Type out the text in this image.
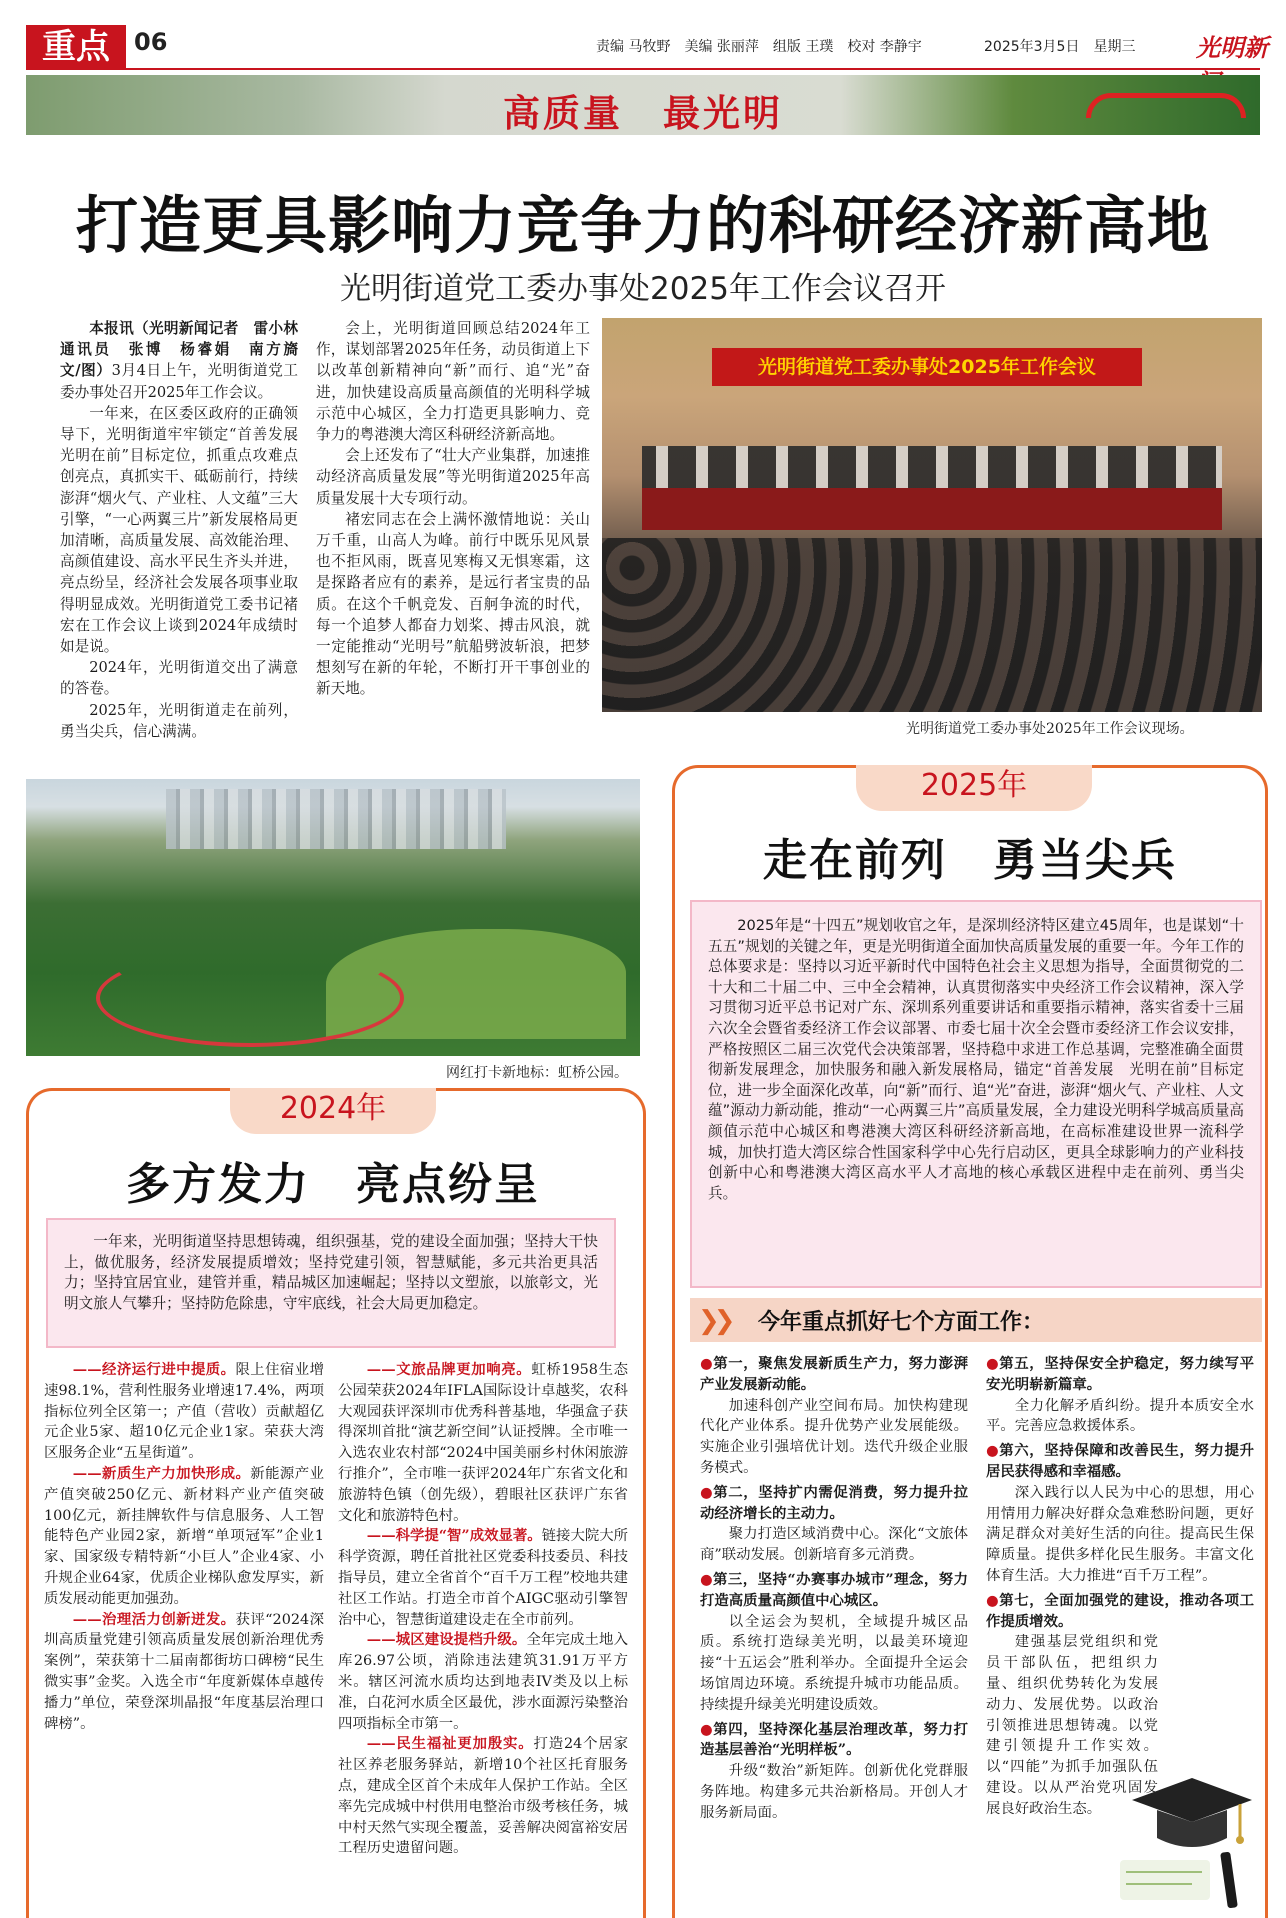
重点	06	责编 马牧野　美编 张丽萍　组版 王璞　校对 李静宇	2025年3月5日　星期三	光明新
高质量　最光明
打造更具影响力竞争力的科研经济新高地
光明街道党工委办事处2025年工作会议召开

本报讯（光明新闻记者　雷小林　通讯员　张博　杨睿娟　南方旖　文/图）3月4日上午，光明街道党工委办事处召开2025年工作会议。

一年来，在区委区政府的正确领导下，光明街道牢牢锁定“首善发展　光明在前”目标定位，抓重点攻难点创亮点，真抓实干、砥砺前行，持续澎湃“烟火气、产业柱、人文蕴”三大引擎，“一心两翼三片”新发展格局更加清晰，高质量发展、高效能治理、高颜值建设、高水平民生齐头并进，亮点纷呈，经济社会发展各项事业取得明显成效。光明街道党工委书记褚宏在工作会议上谈到2024年成绩时如是说。

2024年，光明街道交出了满意的答卷。

2025年，光明街道走在前列，勇当尖兵，信心满满。

会上，光明街道回顾总结2024年工作，谋划部署2025年任务，动员街道上下以改革创新精神向“新”而行、追“光”奋进，加快建设高质量高颜值的光明科学城示范中心城区，全力打造更具影响力、竞争力的粤港澳大湾区科研经济新高地。

会上还发布了“壮大产业集群，加速推动经济高质量发展”等光明街道2025年高质量发展十大专项行动。

褚宏同志在会上满怀激情地说：关山万千重，山高人为峰。前行中既乐见风景也不拒风雨，既喜见寒梅又无惧寒霜，这是探路者应有的素养，是远行者宝贵的品质。在这个千帆竞发、百舸争流的时代，每一个追梦人都奋力划桨、搏击风浪，就一定能推动“光明号”航船劈波斩浪，把梦想刻写在新的年轮，不断打开干事创业的新天地。

光明街道党工委办事处2025年工作会议
光明街道党工委办事处2025年工作会议现场。
网红打卡新地标：虹桥公园。
2025年
走在前列　勇当尖兵

2025年是“十四五”规划收官之年，是深圳经济特区建立45周年，也是谋划“十五五”规划的关键之年，更是光明街道全面加快高质量发展的重要一年。今年工作的总体要求是：坚持以习近平新时代中国特色社会主义思想为指导，全面贯彻党的二十大和二十届二中、三中全会精神，认真贯彻落实中央经济工作会议精神，深入学习贯彻习近平总书记对广东、深圳系列重要讲话和重要指示精神，落实省委十三届六次全会暨省委经济工作会议部署、市委七届十次全会暨市委经济工作会议安排，严格按照区二届三次党代会决策部署，坚持稳中求进工作总基调，完整准确全面贯彻新发展理念，加快服务和融入新发展格局，锚定“首善发展　光明在前”目标定位，进一步全面深化改革，向“新”而行、追“光”奋进，澎湃“烟火气、产业柱、人文蕴”源动力新动能，推动“一心两翼三片”高质量发展，全力建设光明科学城高质量高颜值示范中心城区和粤港澳大湾区科研经济新高地，在高标准建设世界一流科学城，加快打造大湾区综合性国家科学中心先行启动区，更具全球影响力的产业科技创新中心和粤港澳大湾区高水平人才高地的核心承载区进程中走在前列、勇当尖兵。

❯❯ 今年重点抓好七个方面工作：

●第一，聚焦发展新质生产力，努力澎湃产业发展新动能。

加速科创产业空间布局。加快构建现代化产业体系。提升优势产业发展能级。实施企业引强培优计划。迭代升级企业服务模式。

●第二，坚持扩内需促消费，努力提升拉动经济增长的主动力。

聚力打造区域消费中心。深化“文旅体商”联动发展。创新培育多元消费。

●第三，坚持“办赛事办城市”理念，努力打造高质量高颜值中心城区。

以全运会为契机，全域提升城区品质。系统打造绿美光明，以最美环境迎接“十五运会”胜利举办。全面提升全运会场馆周边环境。系统提升城市功能品质。持续提升绿美光明建设质效。

●第四，坚持深化基层治理改革，努力打造基层善治“光明样板”。

升级“数治”新矩阵。创新优化党群服务阵地。构建多元共治新格局。开创人才服务新局面。

●第五，坚持保安全护稳定，努力续写平安光明崭新篇章。

全力化解矛盾纠纷。提升本质安全水平。完善应急救援体系。

●第六，坚持保障和改善民生，努力提升居民获得感和幸福感。

深入践行以人民为中心的思想，用心用情用力解决好群众急难愁盼问题，更好满足群众对美好生活的向往。提高民生保障质量。提供多样化民生服务。丰富文化体育生活。大力推进“百千万工程”。

●第七，全面加强党的建设，推动各项工作提质增效。

建强基层党组织和党员干部队伍，把组织力量、组织优势转化为发展动力、发展优势。以政治引领推进思想铸魂。以党建引领提升工作实效。以“四能”为抓手加强队伍建设。以从严治党巩固发展良好政治生态。

2024年
多方发力　亮点纷呈

一年来，光明街道坚持思想铸魂，组织强基，党的建设全面加强；坚持大干快上，做优服务，经济发展提质增效；坚持党建引领，智慧赋能，多元共治更具活力；坚持宜居宜业，建管并重，精品城区加速崛起；坚持以文塑旅，以旅彰文，光明文旅人气攀升；坚持防危除患，守牢底线，社会大局更加稳定。

——经济运行进中提质。限上住宿业增速98.1%，营利性服务业增速17.4%，两项指标位列全区第一；产值（营收）贡献超亿元企业5家、超10亿元企业1家。荣获大湾区服务企业“五星街道”。

——新质生产力加快形成。新能源产业产值突破250亿元、新材料产业产值突破100亿元，新挂牌软件与信息服务、人工智能特色产业园2家，新增“单项冠军”企业1家、国家级专精特新“小巨人”企业4家、小升规企业64家，优质企业梯队愈发厚实，新质发展动能更加强劲。

——治理活力创新迸发。获评“2024深圳高质量党建引领高质量发展创新治理优秀案例”，荣获第十二届南都街坊口碑榜“民生微实事”金奖。入选全市“年度新媒体卓越传播力”单位，荣登深圳晶报“年度基层治理口碑榜”。

——文旅品牌更加响亮。虹桥1958生态公园荣获2024年IFLA国际设计卓越奖，农科大观园获评深圳市优秀科普基地，华强盒子获得深圳首批“演艺新空间”认证授牌。全市唯一入选农业农村部“2024中国美丽乡村休闲旅游行推介”，全市唯一获评2024年广东省文化和旅游特色镇（创先级），碧眼社区获评广东省文化和旅游特色村。

——科学提“智”成效显著。链接大院大所科学资源，聘任首批社区党委科技委员、科技指导员，建立全省首个“百千万工程”校地共建社区工作站。打造全市首个AIGC驱动引擎智治中心，智慧街道建设走在全市前列。

——城区建设提档升级。全年完成土地入库26.97公顷，消除违法建筑31.91万平方米。辖区河流水质均达到地表IV类及以上标准，白花河水质全区最优，涉水面源污染整治四项指标全市第一。

——民生福祉更加殷实。打造24个居家社区养老服务驿站，新增10个社区托育服务点，建成全区首个未成年人保护工作站。全区率先完成城中村供用电整治市级考核任务，城中村天然气实现全覆盖，妥善解决阅富裕安居工程历史遗留问题。
